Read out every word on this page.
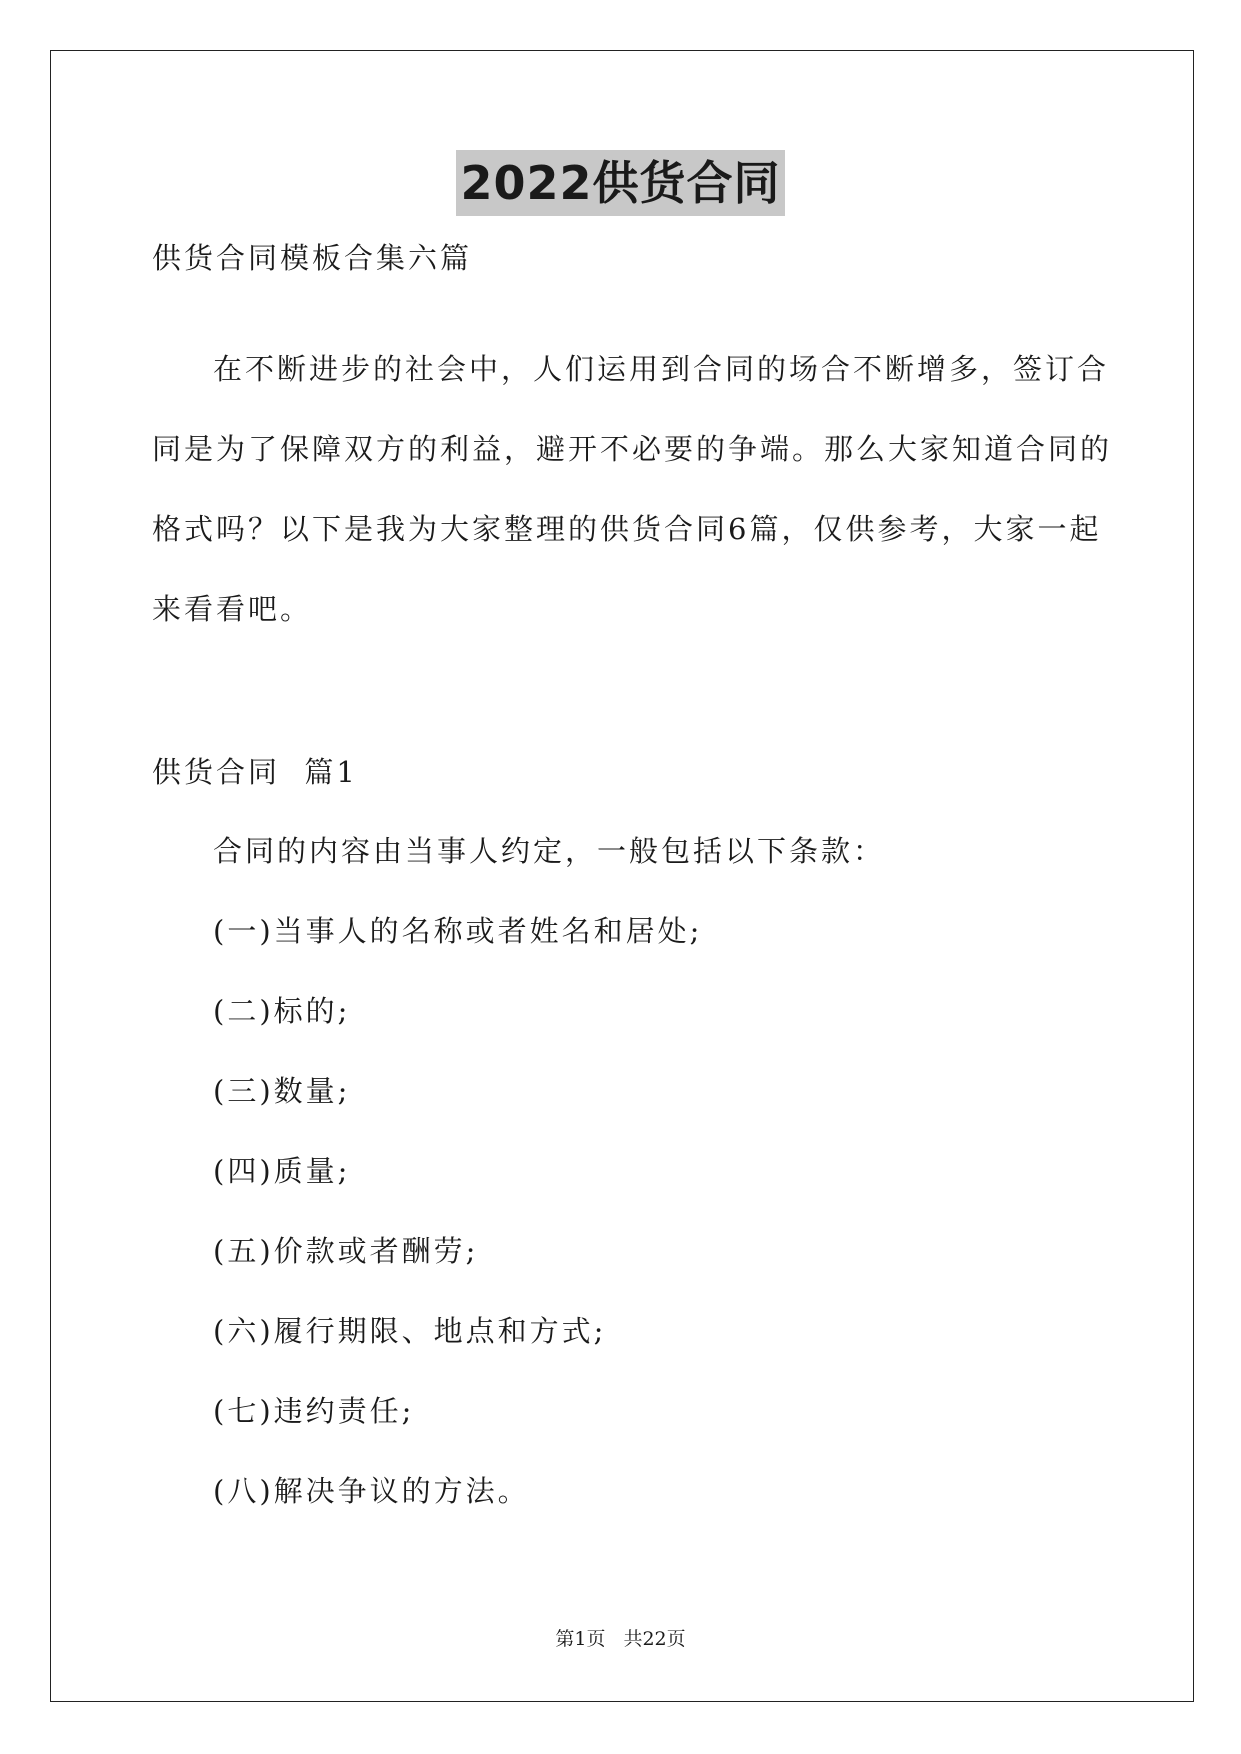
2022供货合同
供货合同模板合集六篇
在不断进步的社会中，人们运用到合同的场合不断增多，签订合
同是为了保障双方的利益，避开不必要的争端。那么大家知道合同的
格式吗？以下是我为大家整理的供货合同6篇，仅供参考，大家一起
来看看吧。
供货合同  篇1
合同的内容由当事人约定，一般包括以下条款：
(一)当事人的名称或者姓名和居处;
(二)标的;
(三)数量;
(四)质量;
(五)价款或者酬劳;
(六)履行期限、地点和方式;
(七)违约责任;
(八)解决争议的方法。
第1页 共22页
